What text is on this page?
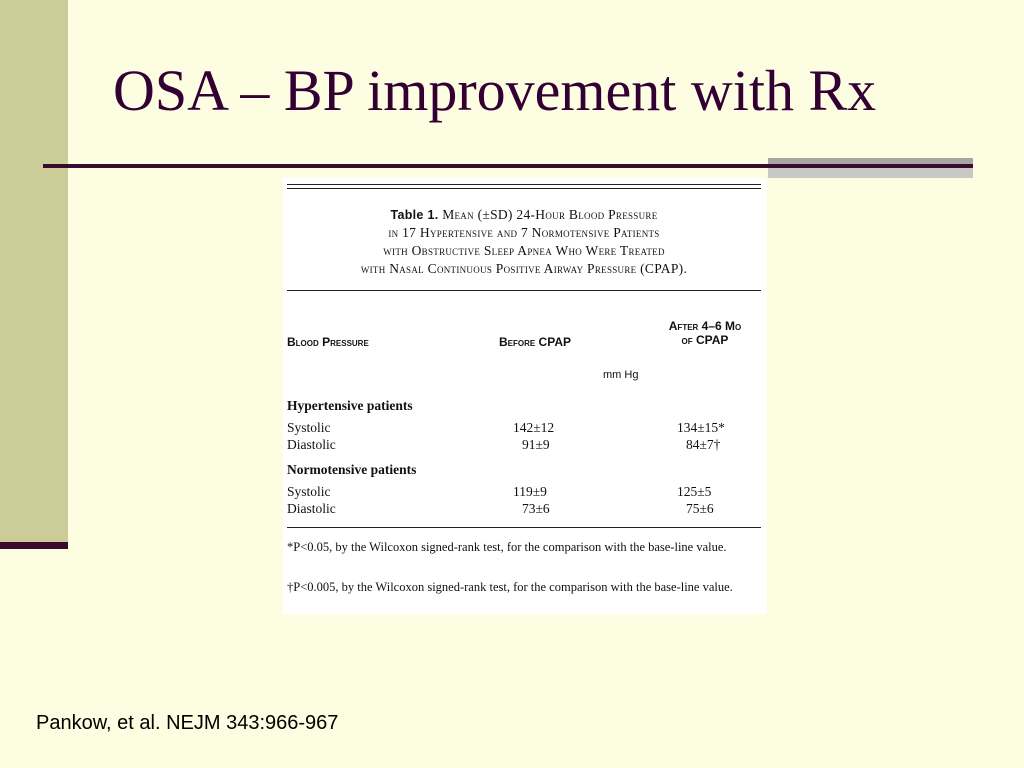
OSA – BP improvement with Rx
Table 1. Mean (±SD) 24-Hour Blood Pressure
in 17 Hypertensive and 7 Normotensive Patients
with Obstructive Sleep Apnea Who Were Treated
with Nasal Continuous Positive Airway Pressure (CPAP).
Blood Pressure	Before CPAP
After 4–6 Mo
of CPAP
mm Hg
Hypertensive patients
Systolic	142±12	134±15*
Diastolic	91±9	84±7†
Normotensive patients
Systolic	119±9	125±5
Diastolic	73±6	75±6
*P<0.05, by the Wilcoxon signed-rank test, for the comparison with the base-line value.
†P<0.005, by the Wilcoxon signed-rank test, for the comparison with the base-line value.
Pankow, et al. NEJM 343:966-967
